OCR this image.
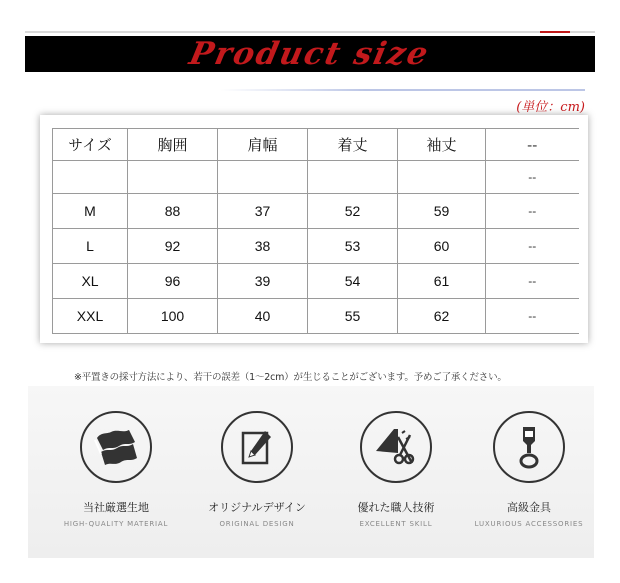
Product size
(単位：cm)
サイズ	胸囲	肩幅	着丈	袖丈	--
					--
M	88	37	52	59	--
L	92	38	53	60	--
XL	96	39	54	61	--
XXL	100	40	55	62	--
※平置きの採寸方法により、若干の誤差（1～2cm）が生じることがございます。予めご了承ください。
当社厳選生地
HIGH-QUALITY MATERIAL
オリジナルデザイン
ORIGINAL DESIGN
優れた職人技術
EXCELLENT SKILL
高級金具
LUXURIOUS ACCESSORIES
